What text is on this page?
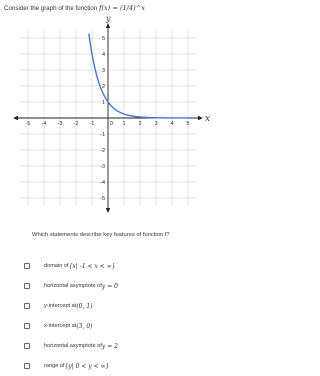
Consider the graph of the function f(x) = (1/4)^x
-5 -4 -3 -2 -1	0 1 2 3 4 5
5
4
3
2
1
-1
-2
-3
-4
-5
y
x
Which statements describe key features of function f?
domain of {x| -1 < x < ∞}
horizontal asymptote of y = 0
y-intercept at (0, 1)
x-intercept at (3, 0)
horizontal asymptote of y = 2
range of {y| 0 < y < ∞}
